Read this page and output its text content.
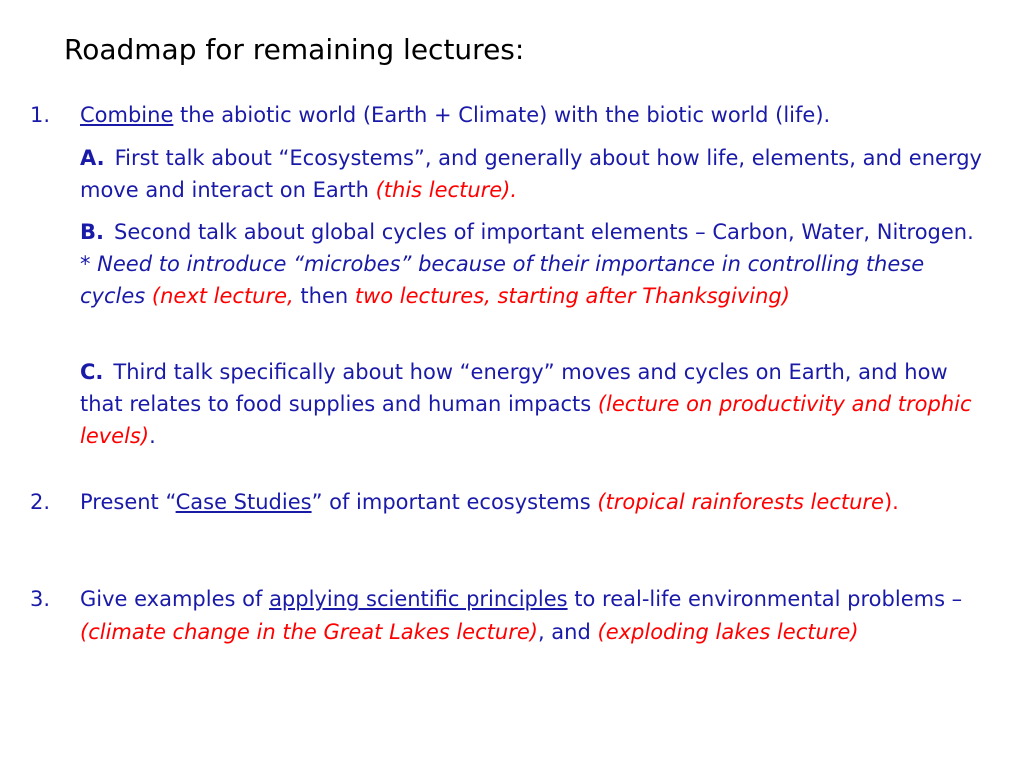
Roadmap for remaining lectures:
1. Combine the abiotic world (Earth + Climate) with the biotic world (life).
A. First talk about “Ecosystems”, and generally about how life, elements, and energy move and interact on Earth (this lecture).
B. Second talk about global cycles of important elements – Carbon, Water, Nitrogen. * Need to introduce “microbes” because of their importance in controlling these cycles (next lecture, then two lectures, starting after Thanksgiving)
C. Third talk specifically about how “energy” moves and cycles on Earth, and how that relates to food supplies and human impacts (lecture on productivity and trophic levels).
2. Present “Case Studies” of important ecosystems (tropical rainforests lecture).
3. Give examples of applying scientific principles to real-life environmental problems – (climate change in the Great Lakes lecture), and (exploding lakes lecture)
